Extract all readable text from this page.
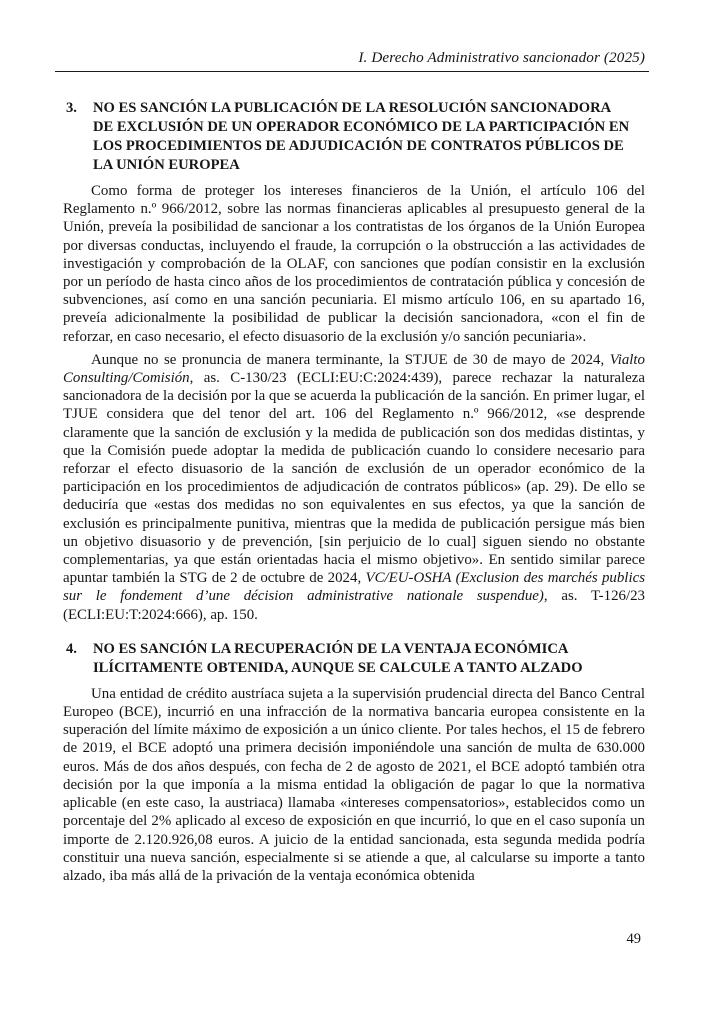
I. Derecho Administrativo sancionador (2025)
3.	NO ES SANCIÓN LA PUBLICACIÓN DE LA RESOLUCIÓN SANCIONADORA DE EXCLUSIÓN DE UN OPERADOR ECONÓMICO DE LA PARTICIPACIÓN EN LOS PROCEDIMIENTOS DE ADJUDICACIÓN DE CONTRATOS PÚBLICOS DE LA UNIÓN EUROPEA

Como forma de proteger los intereses financieros de la Unión, el artículo 106 del Reglamento n.º 966/2012, sobre las normas financieras aplicables al presupuesto general de la Unión, preveía la posibilidad de sancionar a los contratistas de los órganos de la Unión Europea por diversas conductas, incluyendo el fraude, la corrupción o la obstrucción a las actividades de investigación y comprobación de la OLAF, con sanciones que podían consistir en la exclusión por un período de hasta cinco años de los procedimientos de contratación pública y concesión de subvenciones, así como en una sanción pecuniaria. El mismo artículo 106, en su apartado 16, preveía adicionalmente la posibilidad de publicar la decisión sancionadora, «con el fin de reforzar, en caso necesario, el efecto disuasorio de la exclusión y/o sanción pecuniaria».

Aunque no se pronuncia de manera terminante, la STJUE de 30 de mayo de 2024, Vialto Consulting/Comisión, as. C-130/23 (ECLI:EU:C:2024:439), parece rechazar la naturaleza sancionadora de la decisión por la que se acuerda la publicación de la sanción. En primer lugar, el TJUE considera que del tenor del art. 106 del Reglamento n.º 966/2012, «se desprende claramente que la sanción de exclusión y la medida de publicación son dos medidas distintas, y que la Comisión puede adoptar la medida de publicación cuando lo considere necesario para reforzar el efecto disuasorio de la sanción de exclusión de un operador económico de la participación en los procedimientos de adjudicación de contratos públicos» (ap. 29). De ello se deduciría que «estas dos medidas no son equivalentes en sus efectos, ya que la sanción de exclusión es principalmente punitiva, mientras que la medida de publicación persigue más bien un objetivo disuasorio y de prevención, [sin perjuicio de lo cual] siguen siendo no obstante complementarias, ya que están orientadas hacia el mismo objetivo». En sentido similar parece apuntar también la STG de 2 de octubre de 2024, VC/EU-OSHA (Exclusion des marchés publics sur le fondement d’une décision administrative nationale suspendue), as. T-126/23 (ECLI:EU:T:2024:666), ap. 150.

4.	NO ES SANCIÓN LA RECUPERACIÓN DE LA VENTAJA ECONÓMICA ILÍCITAMENTE OBTENIDA, AUNQUE SE CALCULE A TANTO ALZADO

Una entidad de crédito austríaca sujeta a la supervisión prudencial directa del Banco Central Europeo (BCE), incurrió en una infracción de la normativa bancaria europea consistente en la superación del límite máximo de exposición a un único cliente. Por tales hechos, el 15 de febrero de 2019, el BCE adoptó una primera decisión imponiéndole una sanción de multa de 630.000 euros. Más de dos años después, con fecha de 2 de agosto de 2021, el BCE adoptó también otra decisión por la que imponía a la misma entidad la obligación de pagar lo que la normativa aplicable (en este caso, la austriaca) llamaba «intereses compensatorios», establecidos como un porcentaje del 2% aplicado al exceso de exposición en que incurrió, lo que en el caso suponía un importe de 2.120.926,08 euros. A juicio de la entidad sancionada, esta segunda medida podría constituir una nueva sanción, especialmente si se atiende a que, al calcularse su importe a tanto alzado, iba más allá de la privación de la ventaja económica obtenida

49
